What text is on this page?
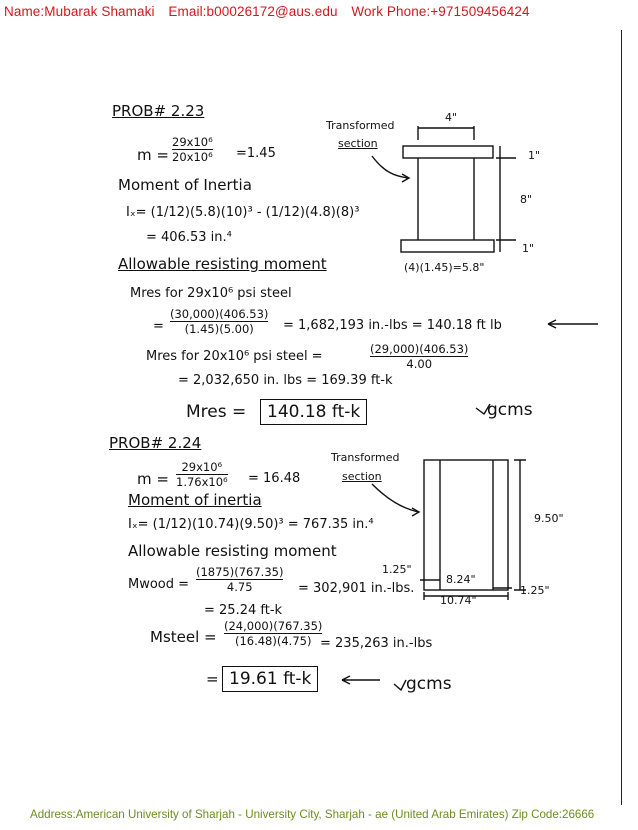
Name:Mubarak Shamaki Email:b00026172@aus.edu Work Phone:+971509456424
Address:American University of Sharjah - University City, Sharjah - ae (United Arab Emirates) Zip Code:26666
PROB# 2.23
m =
29x10⁶
20x10⁶ =1.45
Moment of Inertia
Iₓ= (1/12)(5.8)(10)³ - (1/12)(4.8)(8)³
= 406.53 in.⁴
Allowable resisting moment
Mres for 29x10⁶ psi steel
=
(30,000)(406.53)
(1.45)(5.00) = 1,682,193 in.-lbs = 140.18 ft lb
Mres for 20x10⁶ psi steel =	(29,000)(406.53)
4.00
= 2,032,650 in. lbs = 169.39 ft-k
Mres =	140.18 ft-k	gcms
Transformed
section
4"
1"
8"
1"
(4)(1.45)=5.8"
PROB# 2.24
m =
29x10⁶
1.76x10⁶ = 16.48
Moment of inertia
Iₓ= (1/12)(10.74)(9.50)³ = 767.35 in.⁴
Allowable resisting moment
Mwood =
(1875)(767.35)
4.75	= 302,901 in.-lbs.
= 25.24 ft-k
Msteel =
(24,000)(767.35)
(16.48)(4.75) = 235,263 in.-lbs
= 19.61 ft-k	gcms
Transformed
section
9.50"
1.25"
8.24"
10.74"
1.25"
